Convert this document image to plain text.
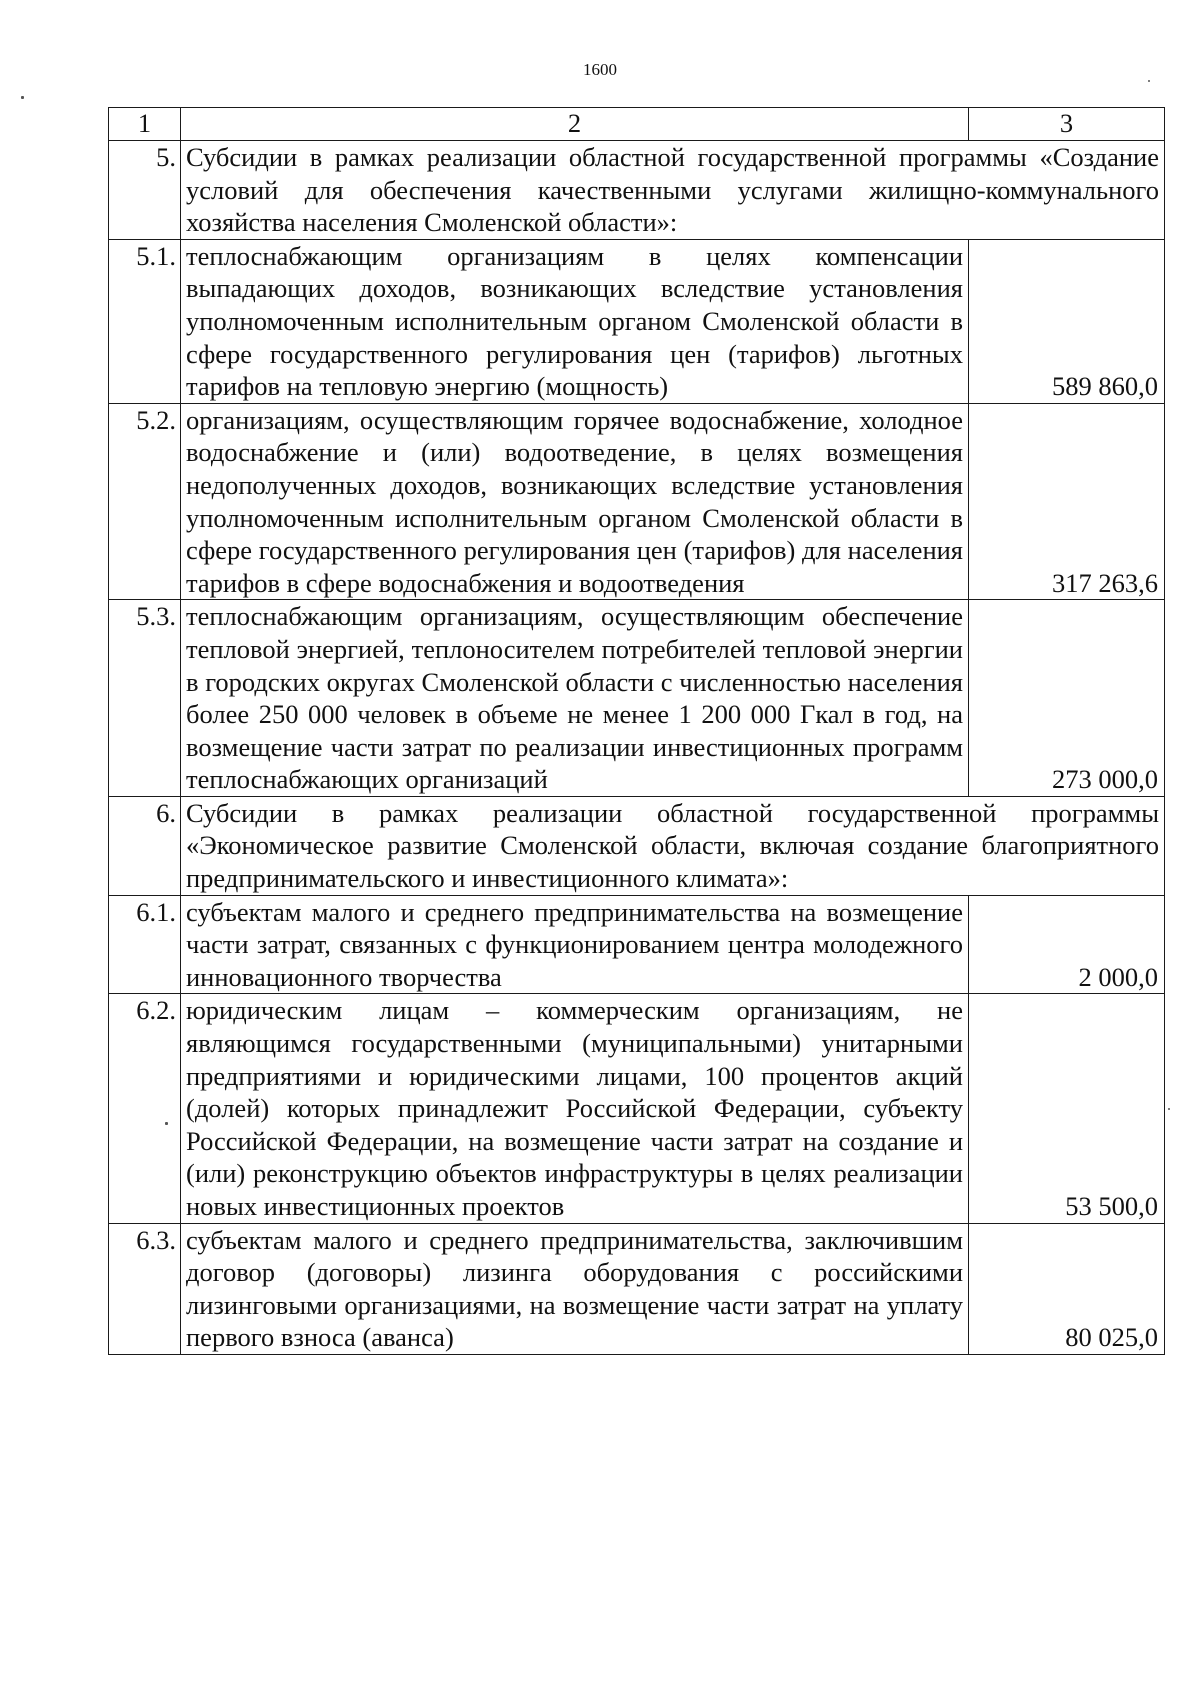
1600
1	2	3
5.	Субсидии в рамках реализации областной государственной программы «Создание условий для обеспечения качественными услугами жилищно-коммунального хозяйства населения Смоленской области»:	
5.1.	теплоснабжающим организациям в целях компенсации выпадающих доходов, возникающих вследствие установления уполномоченным исполнительным органом Смоленской области в сфере государственного регулирования цен (тарифов) льготных тарифов на тепловую энергию (мощность)	589 860,0
5.2.	организациям, осуществляющим горячее водоснабжение, холодное водоснабжение и (или) водоотведение, в целях возмещения недополученных доходов, возникающих вследствие установления уполномоченным исполнительным органом Смоленской области в сфере государственного регулирования цен (тарифов) для населения тарифов в сфере водоснабжения и водоотведения	317 263,6
5.3.	теплоснабжающим организациям, осуществляющим обеспечение тепловой энергией, теплоносителем потребителей тепловой энергии в городских округах Смоленской области с численностью населения более 250 000 человек в объеме не менее 1 200 000 Гкал в год, на возмещение части затрат по реализации инвестиционных программ теплоснабжающих организаций	273 000,0
6.	Субсидии в рамках реализации областной государственной программы «Экономическое развитие Смоленской области, включая создание благоприятного предпринимательского и инвестиционного климата»:	
6.1.	субъектам малого и среднего предпринимательства на возмещение части затрат, связанных с функционированием центра молодежного инновационного творчества	2 000,0
6.2.	юридическим лицам – коммерческим организациям, не являющимся государственными (муниципальными) унитарными предприятиями и юридическими лицами, 100 процентов акций (долей) которых принадлежит Российской Федерации, субъекту Российской Федерации, на возмещение части затрат на создание и (или) реконструкцию объектов инфраструктуры в целях реализации новых инвестиционных проектов	53 500,0
6.3.	субъектам малого и среднего предпринимательства, заключившим договор (договоры) лизинга оборудования с российскими лизинговыми организациями, на возмещение части затрат на уплату первого взноса (аванса)	80 025,0
